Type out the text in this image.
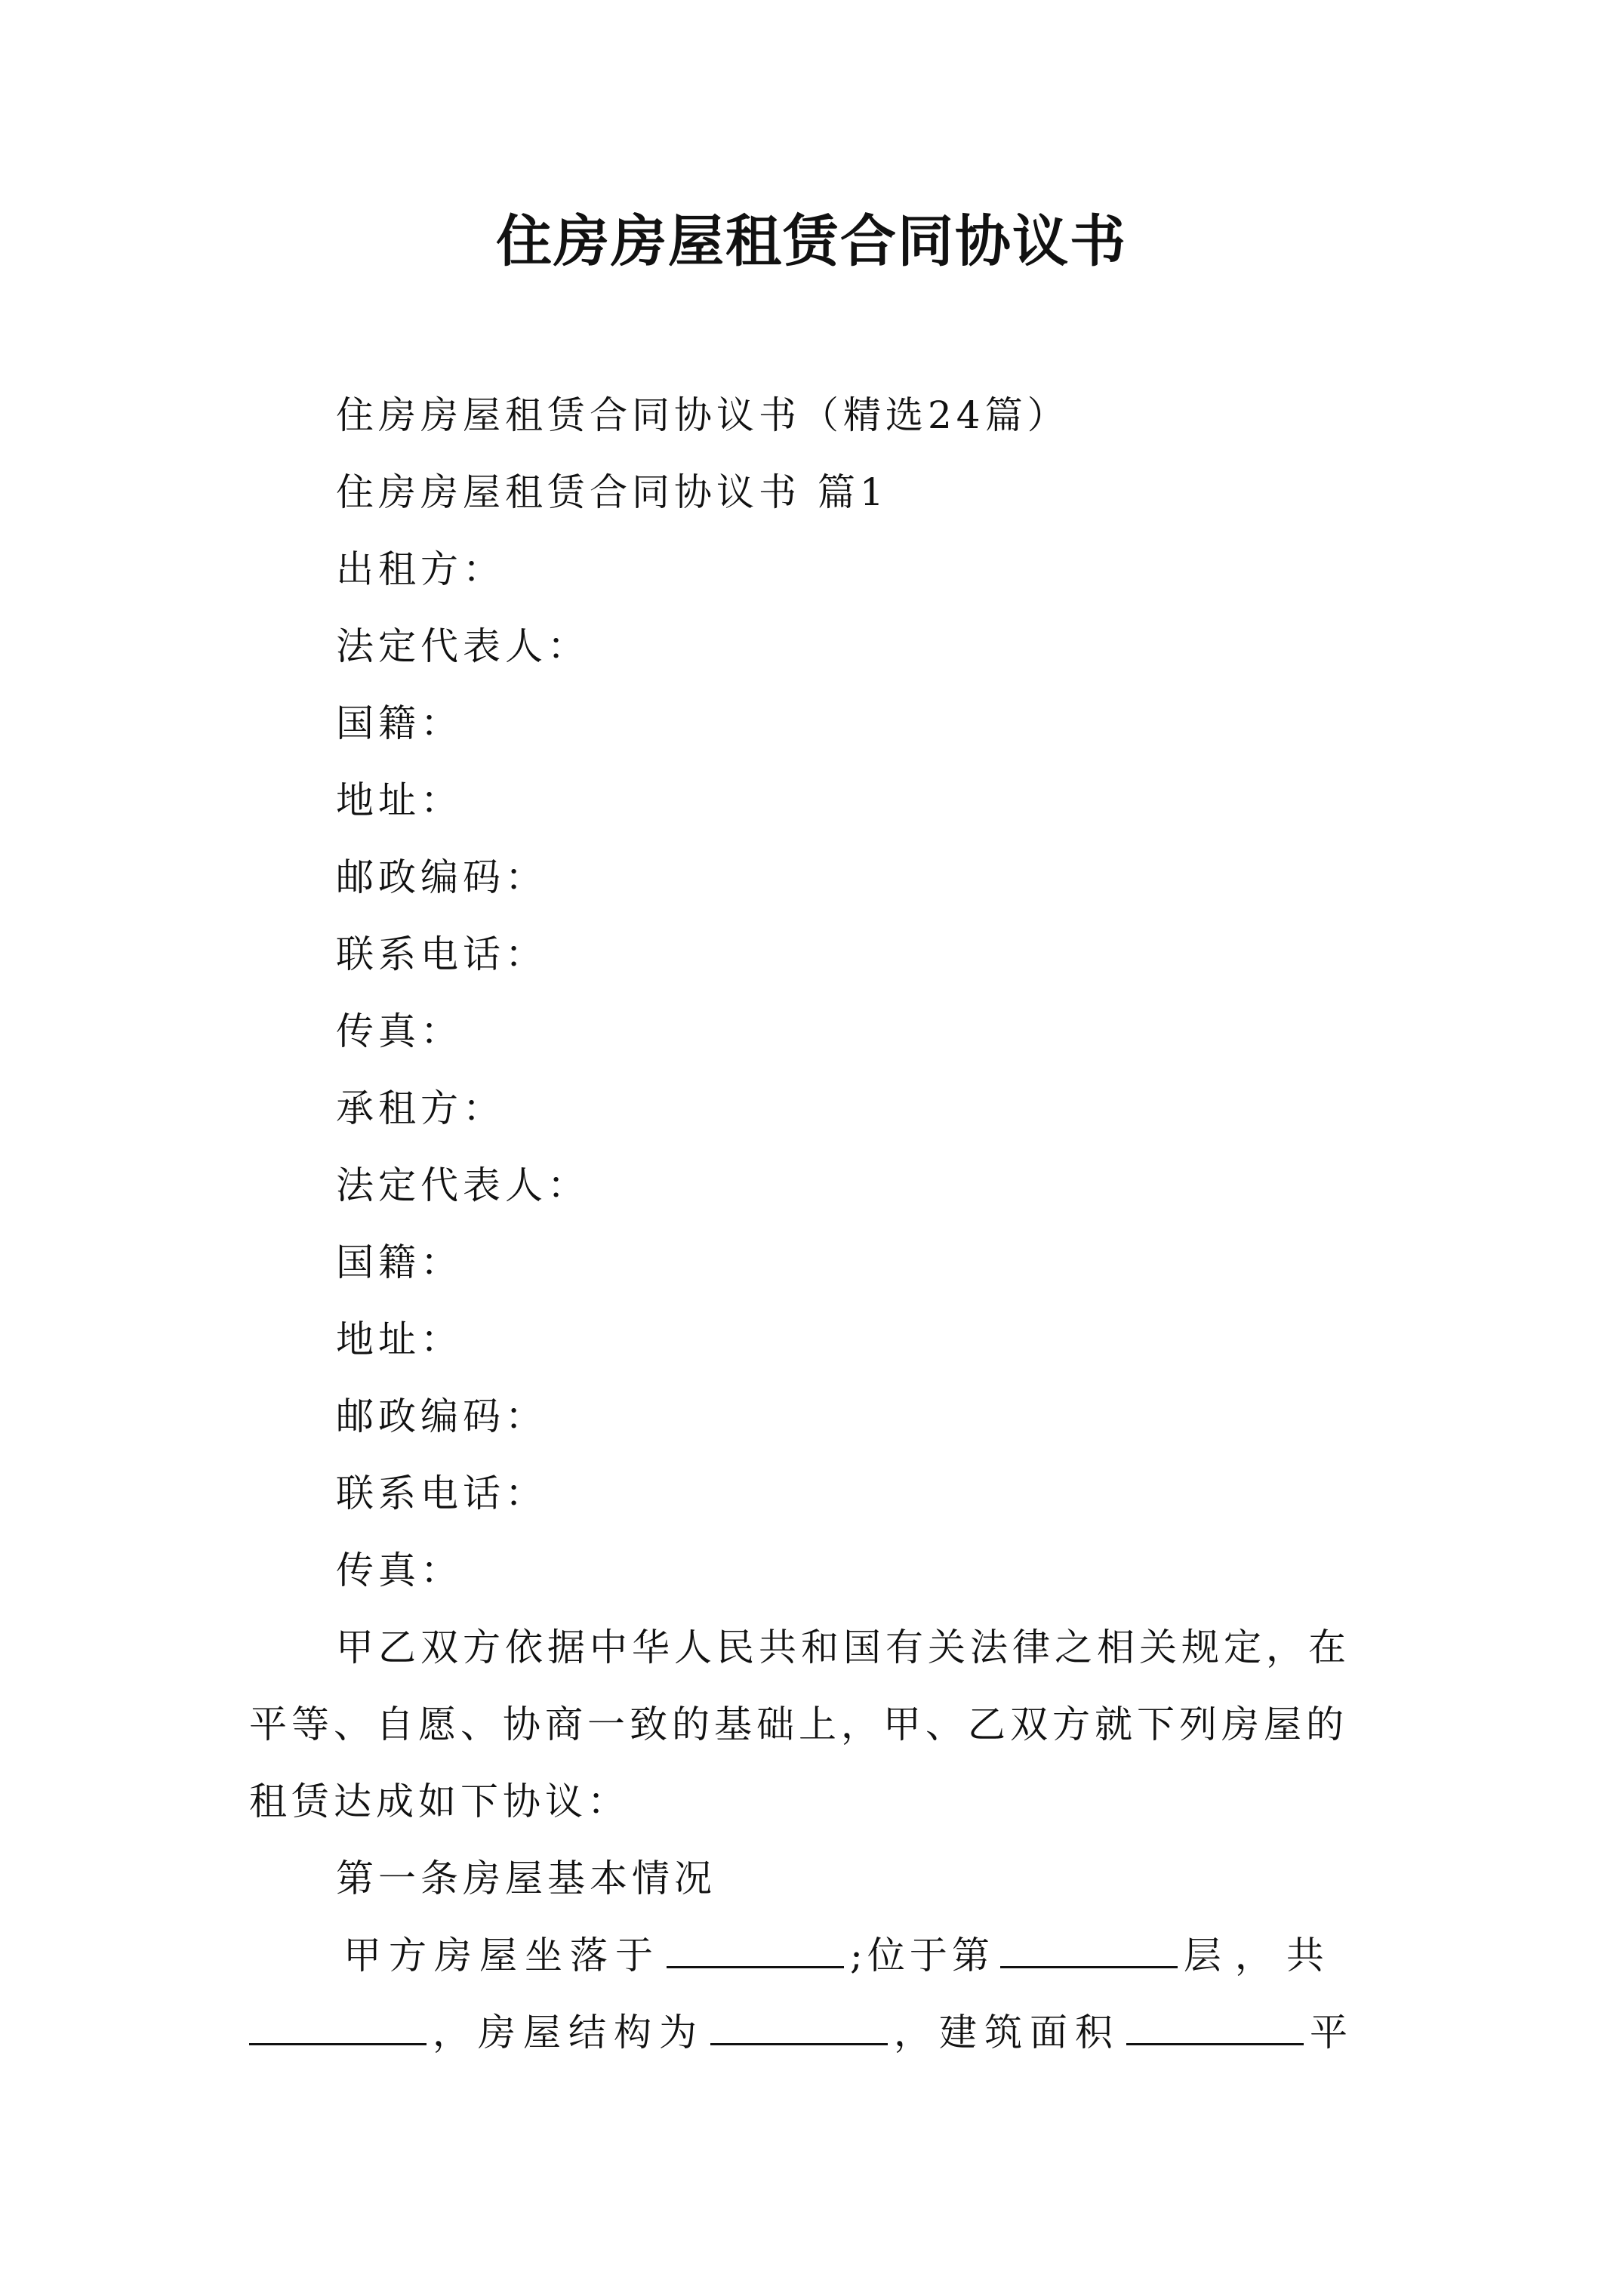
住房房屋租赁合同协议书
住房房屋租赁合同协议书（精选24篇）
住房房屋租赁合同协议书 篇1
出租方：
法定代表人：
国籍：
地址：
邮政编码：
联系电话：
传真：
承租方：
法定代表人：
国籍：
地址：
邮政编码：
联系电话：
传真：
甲乙双方依据中华人民共和国有关法律之相关规定，在
平等、自愿、协商一致的基础上，甲、乙双方就下列房屋的
租赁达成如下协议：
第一条房屋基本情况
甲方房屋坐落于	;位于第	层，共
，房屋结构为	，建筑面积	平
